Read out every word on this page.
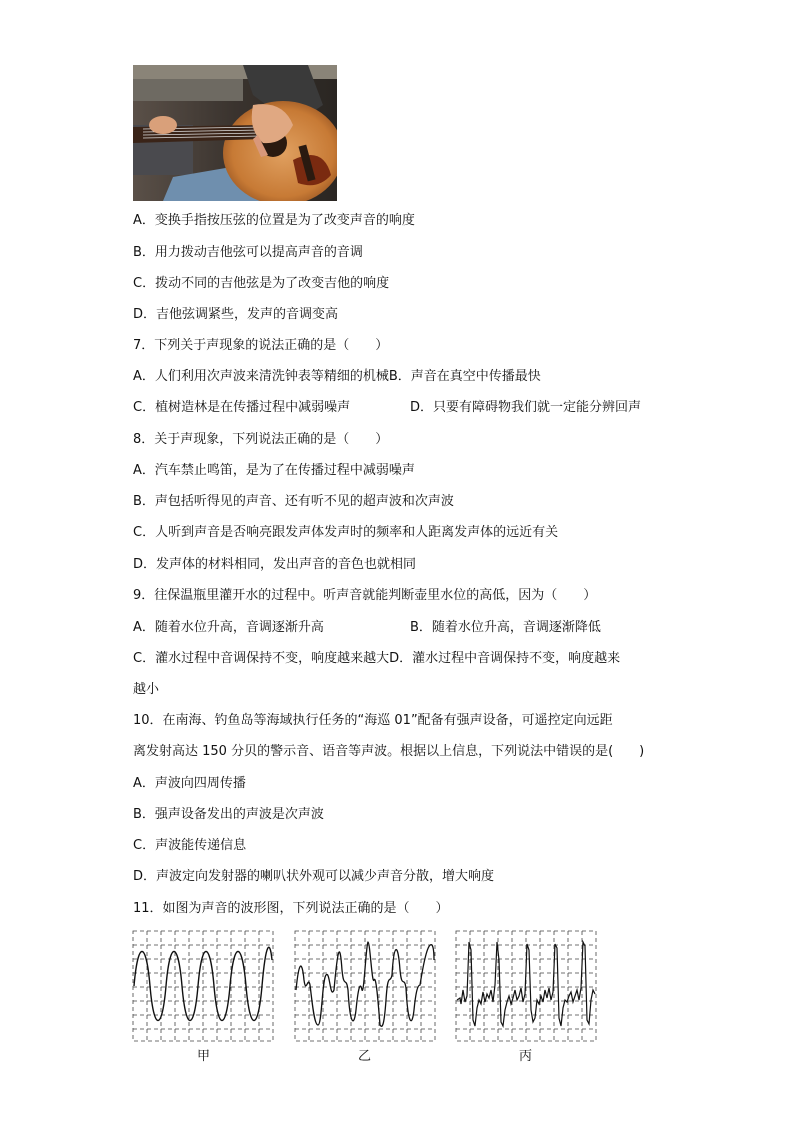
A．变换手指按压弦的位置是为了改变声音的响度
B．用力拨动吉他弦可以提高声音的音调
C．拨动不同的吉他弦是为了改变吉他的响度
D．吉他弦调紧些，发声的音调变高
7．下列关于声现象的说法正确的是（　　）
A．人们利用次声波来清洗钟表等精细的机械B．声音在真空中传播最快
C．植树造林是在传播过程中减弱噪声	D．只要有障碍物我们就一定能分辨回声
8．关于声现象，下列说法正确的是（　　）
A．汽车禁止鸣笛，是为了在传播过程中减弱噪声
B．声包括听得见的声音、还有听不见的超声波和次声波
C．人听到声音是否响亮跟发声体发声时的频率和人距离发声体的远近有关
D．发声体的材料相同，发出声音的音色也就相同
9．往保温瓶里灌开水的过程中。听声音就能判断壶里水位的高低，因为（　　）
A．随着水位升高，音调逐渐升高	B．随着水位升高，音调逐渐降低
C．灌水过程中音调保持不变，响度越来越大D．灌水过程中音调保持不变，响度越来
越小
10．在南海、钓鱼岛等海域执行任务的“海巡 01”配备有强声设备，可遥控定向远距
离发射高达 150 分贝的警示音、语音等声波。根据以上信息，下列说法中错误的是(　　)
A．声波向四周传播
B．强声设备发出的声波是次声波
C．声波能传递信息
D．声波定向发射器的喇叭状外观可以减少声音分散，增大响度
11．如图为声音的波形图，下列说法正确的是（　　）
甲	乙	丙
